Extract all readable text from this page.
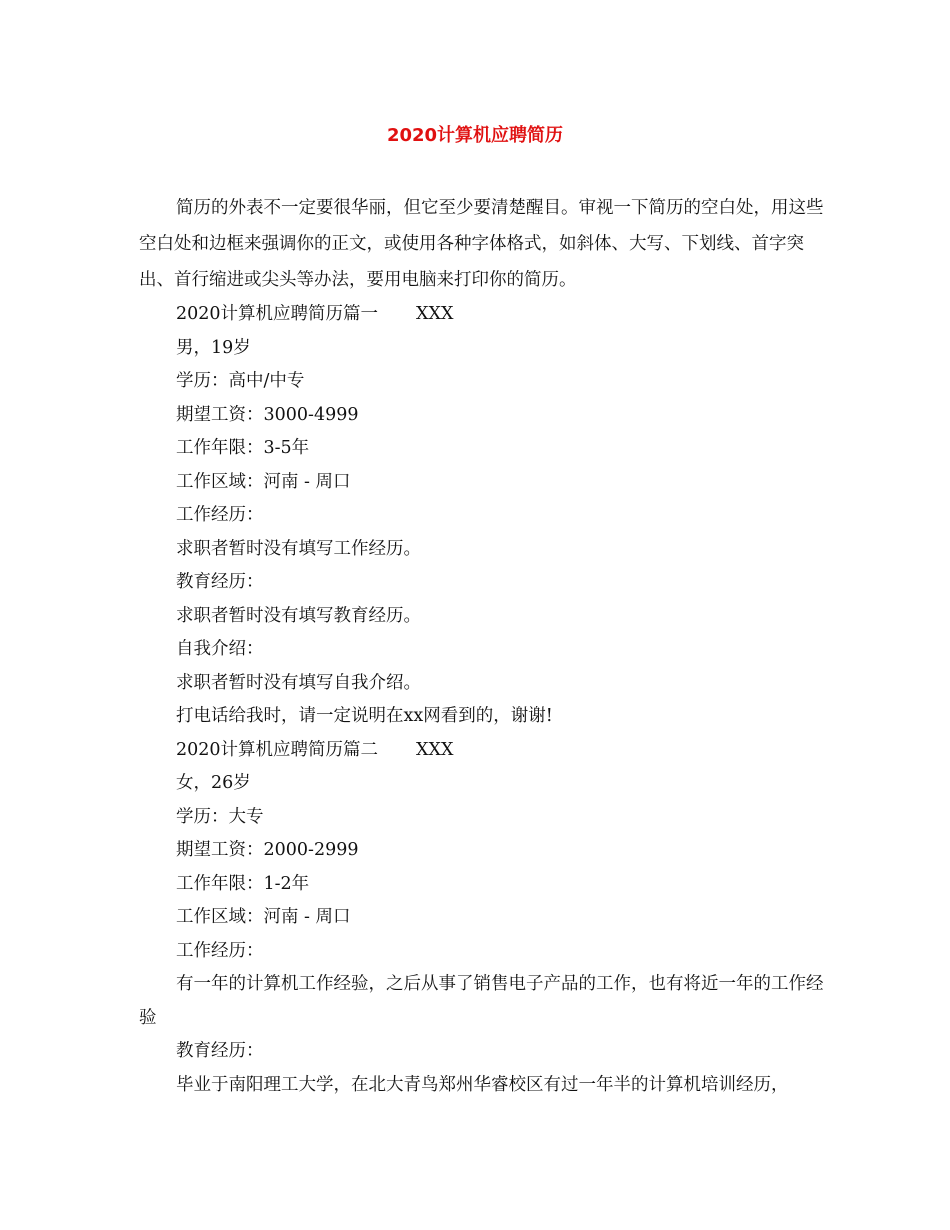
2020计算机应聘简历

简历的外表不一定要很华丽，但它至少要清楚醒目。审视一下简历的空白处，用这些空白处和边框来强调你的正文，或使用各种字体格式，如斜体、大写、下划线、首字突出、首行缩进或尖头等办法，要用电脑来打印你的简历。

2020计算机应聘简历篇一 XXX

男，19岁

学历：高中/中专

期望工资：3000-4999

工作年限：3-5年

工作区域：河南 - 周口

工作经历：

求职者暂时没有填写工作经历。

教育经历：

求职者暂时没有填写教育经历。

自我介绍：

求职者暂时没有填写自我介绍。

打电话给我时，请一定说明在xx网看到的，谢谢!

2020计算机应聘简历篇二 XXX

女，26岁

学历：大专

期望工资：2000-2999

工作年限：1-2年

工作区域：河南 - 周口

工作经历：

有一年的计算机工作经验，之后从事了销售电子产品的工作，也有将近一年的工作经验

教育经历：

毕业于南阳理工大学，在北大青鸟郑州华睿校区有过一年半的计算机培训经历，
